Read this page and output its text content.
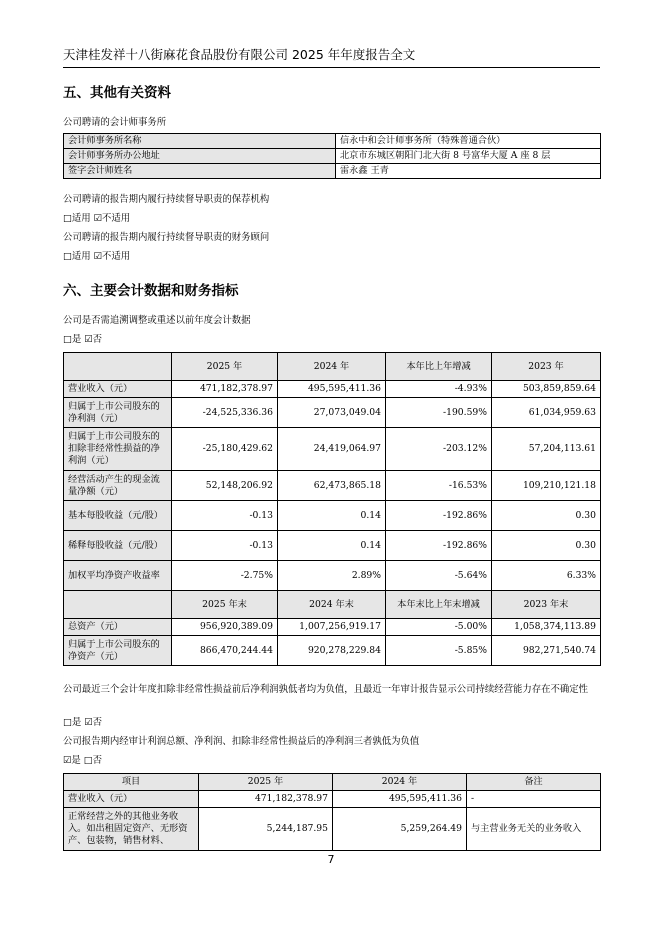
天津桂发祥十八街麻花食品股份有限公司 2025 年年度报告全文
五、其他有关资料
公司聘请的会计师事务所
会计师事务所名称	信永中和会计师事务所（特殊普通合伙）
会计师事务所办公地址	北京市东城区朝阳门北大街 8 号富华大厦 A 座 8 层
签字会计师姓名	雷永鑫 王青
公司聘请的报告期内履行持续督导职责的保荐机构
□适用 ☑不适用
公司聘请的报告期内履行持续督导职责的财务顾问
□适用 ☑不适用
六、主要会计数据和财务指标
公司是否需追溯调整或重述以前年度会计数据
□是 ☑否
	2025 年	2024 年	本年比上年增减	2023 年
营业收入（元）	471,182,378.97	495,595,411.36	-4.93%	503,859,859.64
归属于上市公司股东的净利润（元）	-24,525,336.36	27,073,049.04	-190.59%	61,034,959.63
归属于上市公司股东的扣除非经常性损益的净利润（元）	-25,180,429.62	24,419,064.97	-203.12%	57,204,113.61
经营活动产生的现金流量净额（元）	52,148,206.92	62,473,865.18	-16.53%	109,210,121.18
基本每股收益（元/股）	-0.13	0.14	-192.86%	0.30
稀释每股收益（元/股）	-0.13	0.14	-192.86%	0.30
加权平均净资产收益率	-2.75%	2.89%	-5.64%	6.33%
	2025 年末	2024 年末	本年末比上年末增减	2023 年末
总资产（元）	956,920,389.09	1,007,256,919.17	-5.00%	1,058,374,113.89
归属于上市公司股东的净资产（元）	866,470,244.44	920,278,229.84	-5.85%	982,271,540.74
公司最近三个会计年度扣除非经常性损益前后净利润孰低者均为负值，且最近一年审计报告显示公司持续经营能力存在不确定性
□是 ☑否
公司报告期内经审计利润总额、净利润、扣除非经常性损益后的净利润三者孰低为负值
☑是 □否
项目	2025 年	2024 年	备注
营业收入（元）	471,182,378.97	495,595,411.36	-
正常经营之外的其他业务收入。如出租固定资产、无形资产、包装物，销售材料、	5,244,187.95	5,259,264.49	与主营业务无关的业务收入
7
